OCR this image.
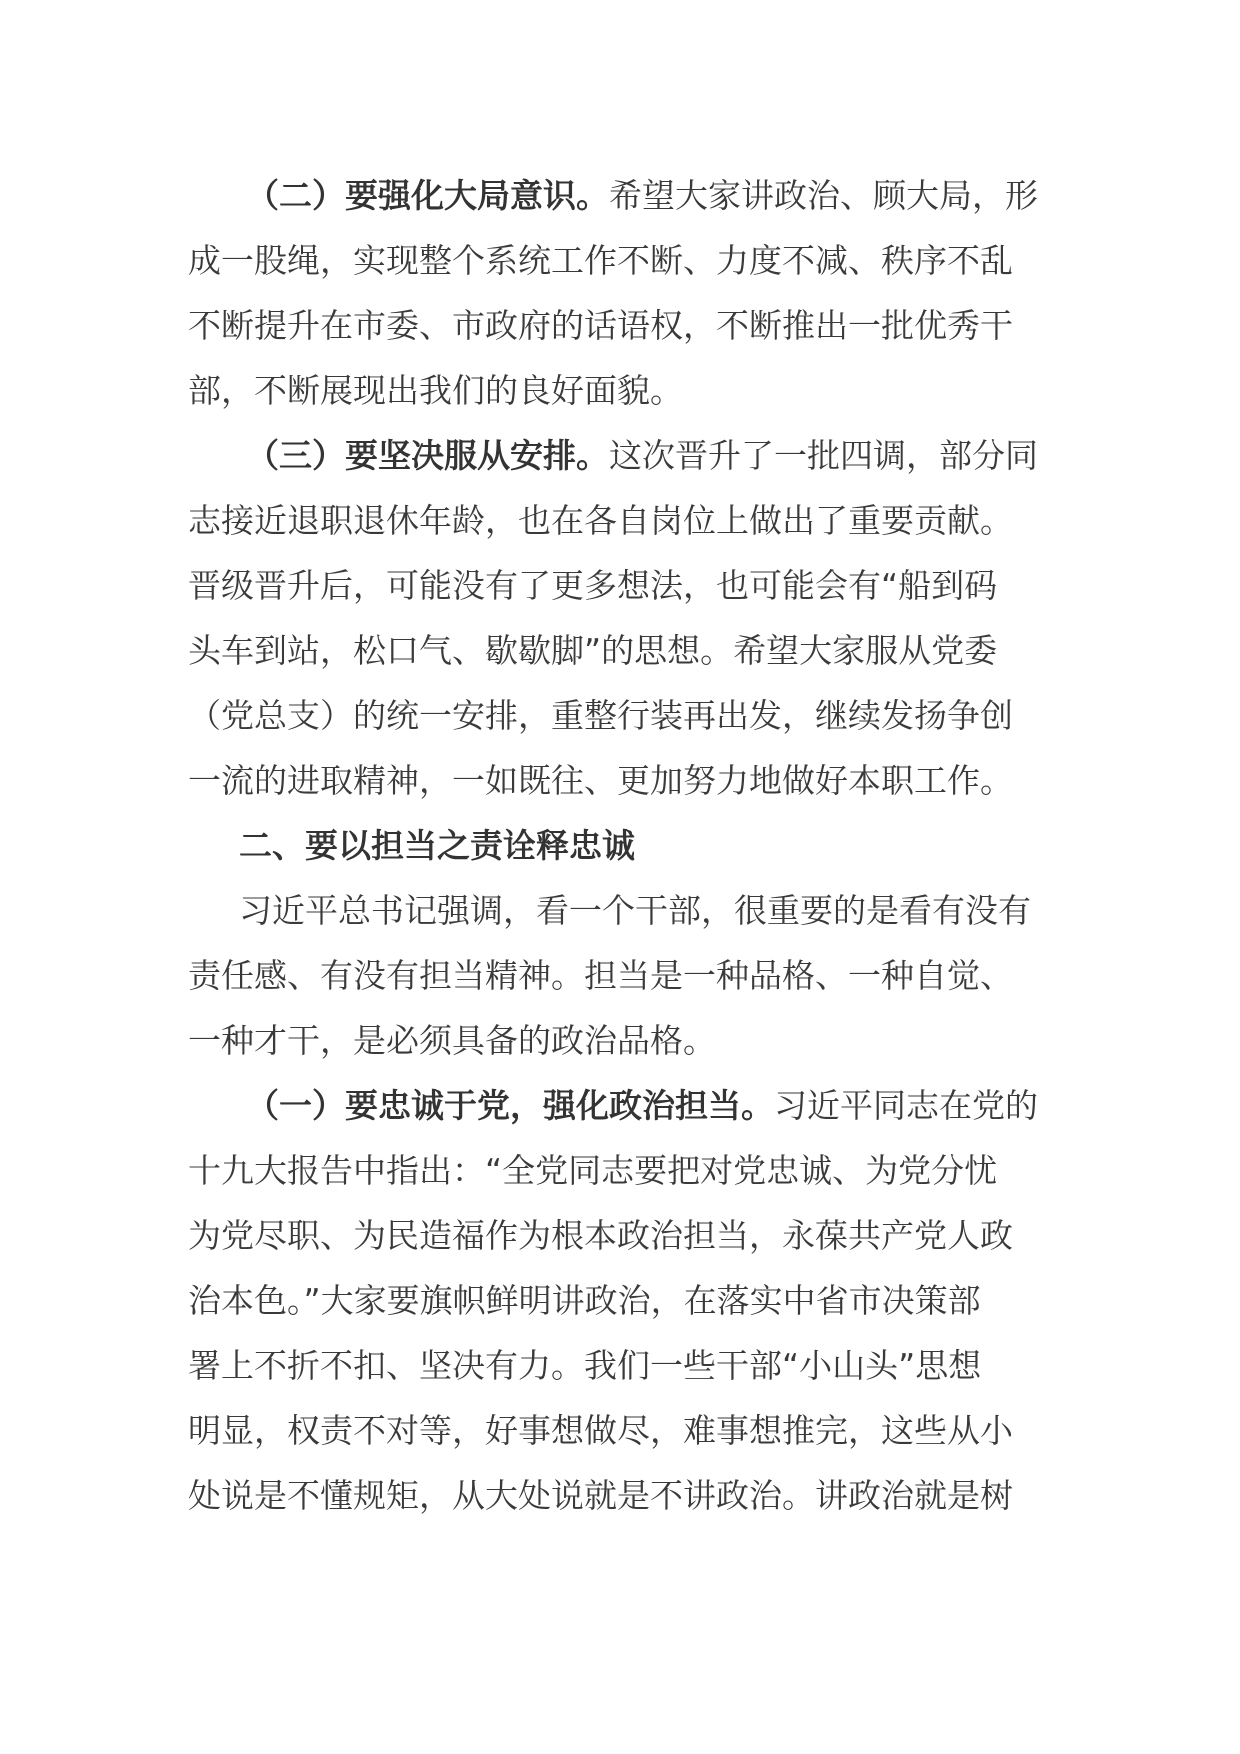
（二）要强化大局意识。希望大家讲政治、顾大局，形
成一股绳，实现整个系统工作不断、力度不减、秩序不乱
不断提升在市委、市政府的话语权，不断推出一批优秀干
部，不断展现出我们的良好面貌。
（三）要坚决服从安排。这次晋升了一批四调，部分同
志接近退职退休年龄，也在各自岗位上做出了重要贡献。
晋级晋升后，可能没有了更多想法，也可能会有“船到码
头车到站，松口气、歇歇脚”的思想。希望大家服从党委
（党总支）的统一安排，重整行装再出发，继续发扬争创
一流的进取精神，一如既往、更加努力地做好本职工作。
二、要以担当之责诠释忠诚
习近平总书记强调，看一个干部，很重要的是看有没有
责任感、有没有担当精神。担当是一种品格、一种自觉、
一种才干，是必须具备的政治品格。
（一）要忠诚于党，强化政治担当。习近平同志在党的
十九大报告中指出：“全党同志要把对党忠诚、为党分忧
为党尽职、为民造福作为根本政治担当，永葆共产党人政
治本色。”大家要旗帜鲜明讲政治，在落实中省市决策部
署上不折不扣、坚决有力。我们一些干部“小山头”思想
明显，权责不对等，好事想做尽，难事想推完，这些从小
处说是不懂规矩，从大处说就是不讲政治。讲政治就是树
